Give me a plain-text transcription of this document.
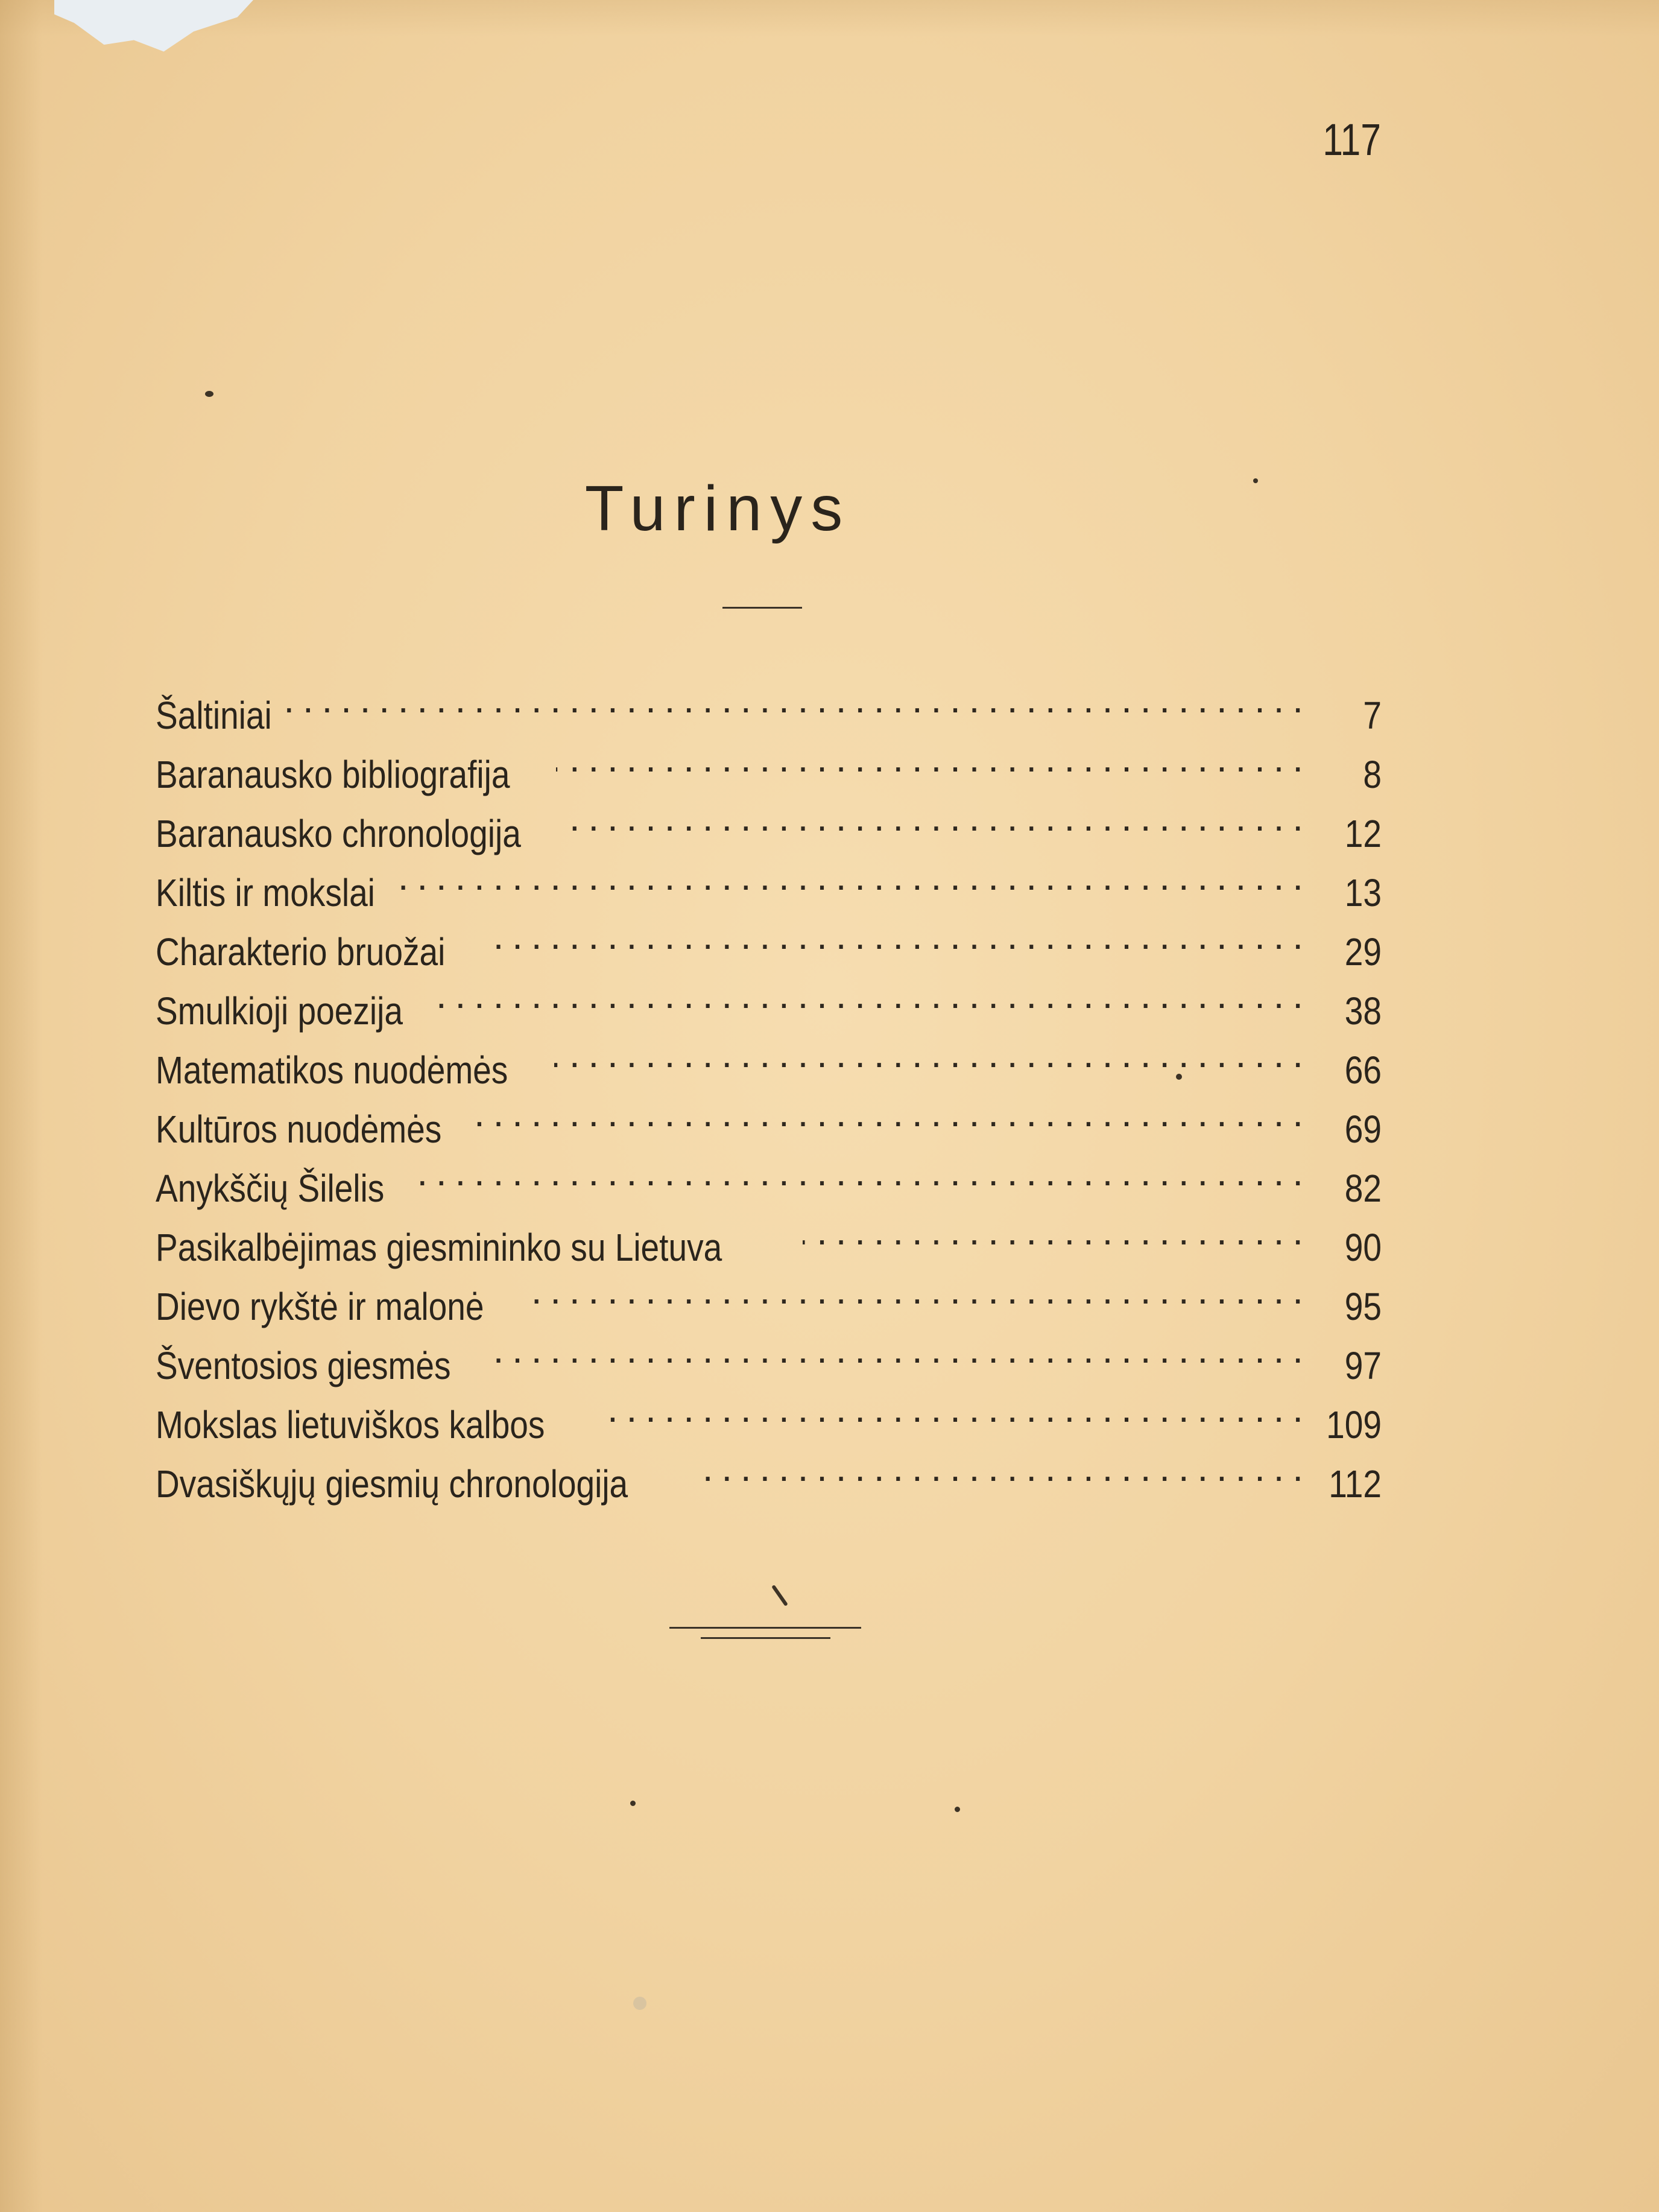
117
Turinys
Šaltiniai . . .	7
Baranausko bibliografija . . .	8
Baranausko chronologija . . .	12
Kiltis ir mokslai . . .	13
Charakterio bruožai . . .	29
Smulkioji poezija . . .	38
Matematikos nuodėmės . . .	66
Kultūros nuodėmės . . .	69
Anykščių Šilelis . . .	82
Pasikalbėjimas giesmininko su Lietuva . . .	90
Dievo rykštė ir malonė . . .	95
Šventosios giesmės . . .	97
Mokslas lietuviškos kalbos . . .	109
Dvasiškųjų giesmių chronologija . . .	112
